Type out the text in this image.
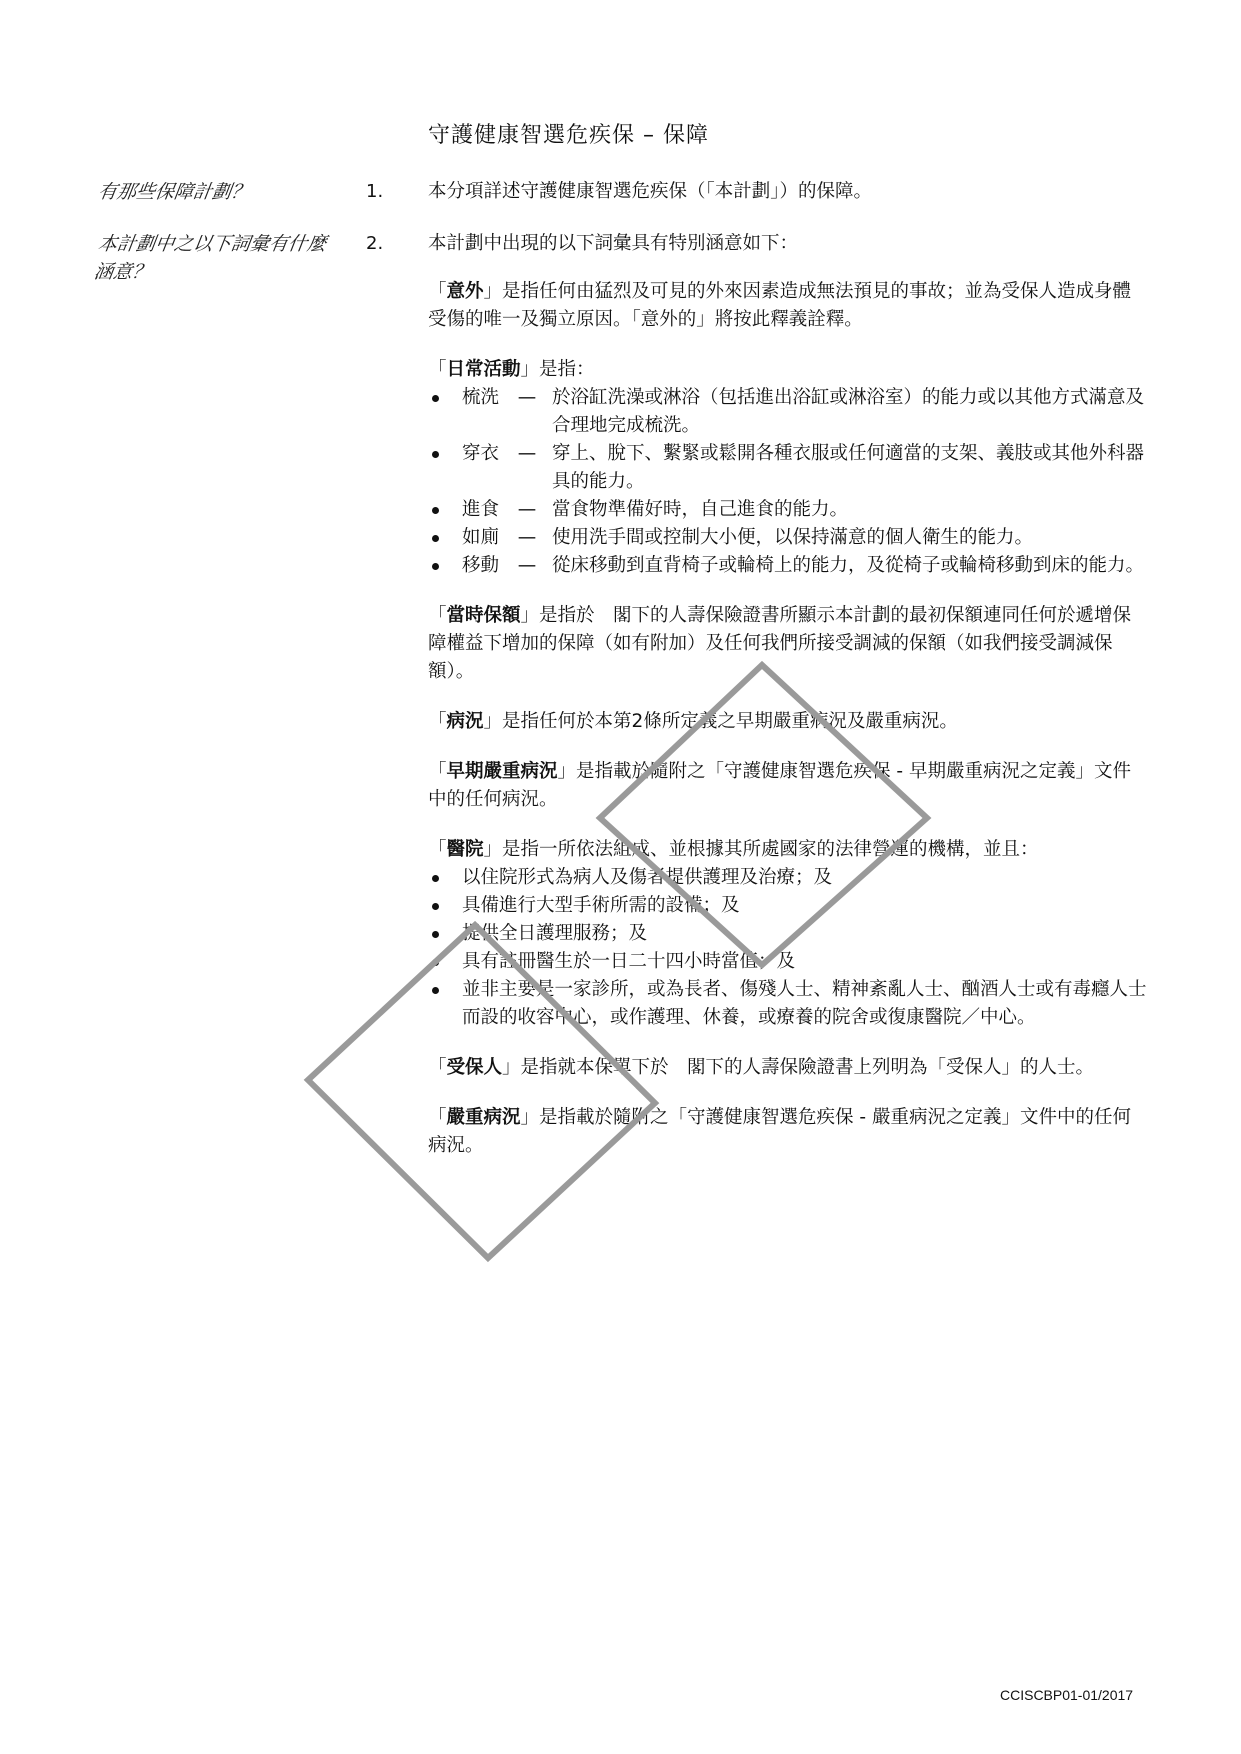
守護健康智選危疾保 – 保障
有那些保障計劃？	1. 本分項詳述守護健康智選危疾保（「本計劃」）的保障。
本計劃中之以下詞彙有什麼涵意？
2. 本計劃中出現的以下詞彙具有特別涵意如下：

「意外」是指任何由猛烈及可見的外來因素造成無法預見的事故；並為受保人造成身體受傷的唯一及獨立原因。「意外的」將按此釋義詮釋。

「日常活動」是指：

梳洗	— 於浴缸洗澡或淋浴（包括進出浴缸或淋浴室）的能力或以其他方式滿意及合理地完成梳洗。
穿衣	— 穿上、脫下、繫緊或鬆開各種衣服或任何適當的支架、義肢或其他外科器具的能力。
進食	— 當食物準備好時，自己進食的能力。
如廁	— 使用洗手間或控制大小便，以保持滿意的個人衛生的能力。
移動	— 從床移動到直背椅子或輪椅上的能力，及從椅子或輪椅移動到床的能力。

「當時保額」是指於　閣下的人壽保險證書所顯示本計劃的最初保額連同任何於遞增保障權益下增加的保障（如有附加）及任何我們所接受調減的保額（如我們接受調減保額）。

「病況」是指任何於本第2條所定義之早期嚴重病況及嚴重病況。

「早期嚴重病況」是指載於隨附之「守護健康智選危疾保 - 早期嚴重病況之定義」文件中的任何病況。

「醫院」是指一所依法組成、並根據其所處國家的法律營運的機構，並且：

以住院形式為病人及傷者提供護理及治療；及

具備進行大型手術所需的設備；及

提供全日護理服務；及

具有註冊醫生於一日二十四小時當值；及

並非主要是一家診所，或為長者、傷殘人士、精神紊亂人士、酗酒人士或有毒癮人士而設的收容中心，或作護理、休養，或療養的院舍或復康醫院／中心。

「受保人」是指就本保單下於　閣下的人壽保險證書上列明為「受保人」的人士。

「嚴重病況」是指載於隨附之「守護健康智選危疾保 - 嚴重病況之定義」文件中的任何病況。

CCISCBP01-01/2017
